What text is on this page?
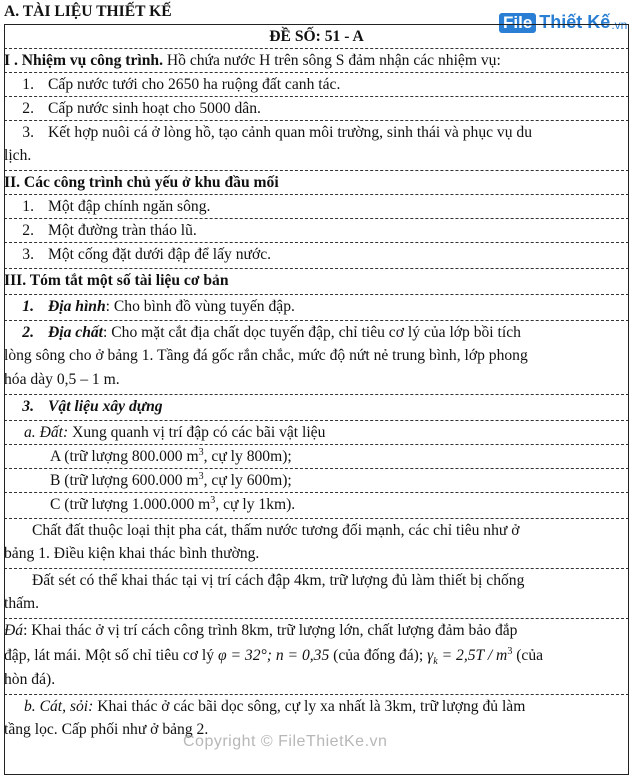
File Thiết Kế .vn
A. TÀI LIỆU THIẾT KẾ
ĐỀ SỐ: 51 - A
I . Nhiệm vụ công trình. Hồ chứa nước H trên sông S đảm nhận các nhiệm vụ:
1. Cấp nước tưới cho 2650 ha ruộng đất canh tác.
2. Cấp nước sinh hoạt cho 5000 dân.
3. Kết hợp nuôi cá ở lòng hồ, tạo cảnh quan môi trường, sinh thái và phục vụ du
lịch.
II. Các công trình chủ yếu ở khu đầu mối
1. Một đập chính ngăn sông.
2. Một đường tràn tháo lũ.
3. Một cống đặt dưới đập để lấy nước.
III. Tóm tắt một số tài liệu cơ bản
1. Địa hình: Cho bình đồ vùng tuyến đập.
2. Địa chất: Cho mặt cắt địa chất dọc tuyến đập, chỉ tiêu cơ lý của lớp bồi tích
lòng sông cho ở bảng 1. Tầng đá gốc rắn chắc, mức độ nứt nẻ trung bình, lớp phong
hóa dày 0,5 – 1 m.
3. Vật liệu xây dựng
a. Đất: Xung quanh vị trí đập có các bãi vật liệu
A (trữ lượng 800.000 $m^3$, cự ly 800m);
B (trữ lượng 600.000 $m^3$, cự ly 600m);
C (trữ lượng 1.000.000 $m^3$, cự ly 1km).
Chất đất thuộc loại thịt pha cát, thấm nước tương đối mạnh, các chỉ tiêu như ở
bảng 1. Điều kiện khai thác bình thường.
Đất sét có thể khai thác tại vị trí cách đập 4km, trữ lượng đủ làm thiết bị chống
thấm.
Đá: Khai thác ở vị trí cách công trình 8km, trữ lượng lớn, chất lượng đảm bảo đắp
đập, lát mái. Một số chỉ tiêu cơ lý φ = 32°; n = 0,35 (của đống đá); $\gamma_k = 2,5T / m^3$ (của
hòn đá).
b. Cát, sỏi: Khai thác ở các bãi dọc sông, cự ly xa nhất là 3km, trữ lượng đủ làm
tầng lọc. Cấp phối như ở bảng 2.
Copyright © FileThietKe.vn
